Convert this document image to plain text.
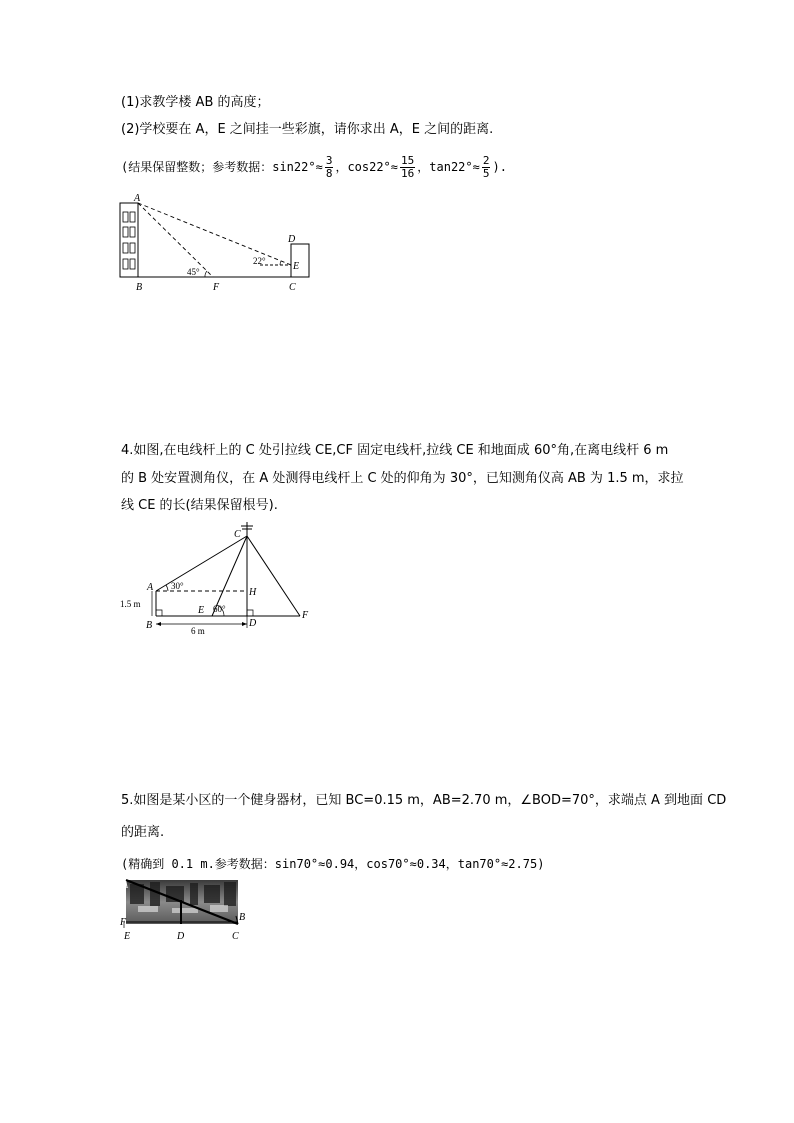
(1)求教学楼 AB 的高度；
(2)学校要在 A，E 之间挂一些彩旗，请你求出 A，E 之间的距离.
(结果保留整数；参考数据：$\sin 22^\circ\approx \frac{3}{8}$ ，$\cos 22^\circ\approx \frac{15}{16}$ ，$\tan 22^\circ\approx \frac{2}{5}$ ).
A
B	F	C
D
E
45°
22°
4.如图,在电线杆上的 C 处引拉线 CE,CF 固定电线杆,拉线 CE 和地面成 60°角,在离电线杆 6 m
的 B 处安置测角仪，在 A 处测得电线杆上 C 处的仰角为 30°，已知测角仪高 AB 为 1.5 m，求拉
线 CE 的长(结果保留根号).
C
A	H
B
E
D
F
30°
60°
1.5 m
6 m
5.如图是某小区的一个健身器材，已知 BC=0.15 m，AB=2.70 m，∠BOD=70°，求端点 A 到地面 CD
的距离.
(精确到 0.1 m.参考数据：sin70°≈0.94，cos70°≈0.34，tan70°≈2.75)
F
E	D	C
B
A
